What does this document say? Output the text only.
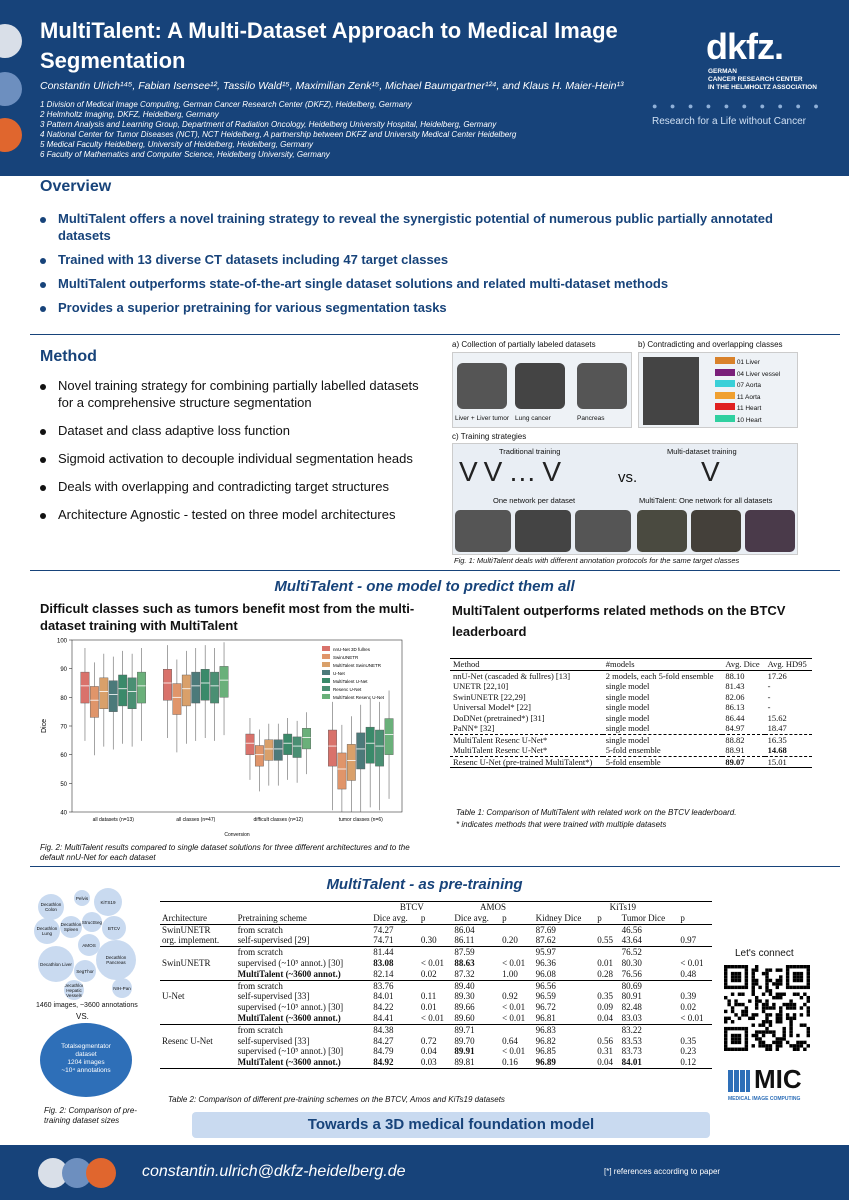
MultiTalent: A Multi-Dataset Approach to Medical Image Segmentation
Constantin Ulrich¹⁴⁵, Fabian Isensee¹², Tassilo Wald¹⁵, Maximilian Zenk¹⁵, Michael Baumgartner¹²⁴, and Klaus H. Maier-Hein¹³
1 Division of Medical Image Computing, German Cancer Research Center (DKFZ), Heidelberg, Germany
2 Helmholtz Imaging, DKFZ, Heidelberg, Germany
3 Pattern Analysis and Learning Group, Department of Radiation Oncology, Heidelberg University Hospital, Heidelberg, Germany
4 National Center for Tumor Diseases (NCT), NCT Heidelberg, A partnership between DKFZ and University Medical Center Heidelberg
5 Medical Faculty Heidelberg, University of Heidelberg, Heidelberg, Germany
6 Faculty of Mathematics and Computer Science, Heidelberg University, Germany
dkfz.
GERMAN
CANCER RESEARCH CENTER
IN THE HELMHOLTZ ASSOCIATION
● ● ● ● ● ● ● ● ● ●
Research for a Life without Cancer
Overview
MultiTalent offers a novel training strategy to reveal the synergistic potential of numerous public partially annotated datasets
Trained with 13 diverse CT datasets including 47 target classes
MultiTalent outperforms state-of-the-art single dataset solutions and related multi-dataset methods
Provides a superior pretraining for various segmentation tasks
Method
Novel training strategy for combining partially labelled datasets for a comprehensive structure segmentation
Dataset and class adaptive loss function
Sigmoid activation to decouple individual segmentation heads
Deals with overlapping and contradicting target structures
Architecture Agnostic - tested on three model architectures
a) Collection of partially labeled datasets	b) Contradicting and overlapping classes
Liver + Liver tumor Lung cancer	Pancreas
01 Liver
04 Liver vessel
07 Aorta
11 Aorta
11 Heart
10 Heart
c) Training strategies
Traditional training	Multi-dataset training
VV…V	vs. V
One network per dataset	MultiTalent: One network for all datasets
Fig. 1: MultiTalent deals with different annotation protocols for the same target classes
MultiTalent - one model to predict them all
Difficult classes such as tumors benefit most from the multi-dataset training with MultiTalent
MultiTalent outperforms related methods on the BTCV leaderboard
40
50
60
70
80
90
100
Dice
Conversion
all datasets (n=13)	all classes (n=47)	difficult classes (n=12)	tumor classes (n=6)
nnU-Net 3D fullres
SwinUNETR
MultiTalent SwinUNETR
U-Net
MultiTalent U-Net
Resenc U-Net
MultiTalent Resenc U-Net
Fig. 2: MultiTalent results compared to single dataset solutions for three different architectures and to the default nnU-Net for each dataset
Method	#models	Avg. Dice	Avg. HD95
nnU-Net (cascaded & fullres) [13]	2 models, each 5-fold ensemble	88.10	17.26
UNETR [22,10]	single model	81.43	-
SwinUNETR [22,29]	single model	82.06	-
Universal Model* [22]	single model	86.13	-
DoDNet (pretrained*) [31]	single model	86.44	15.62
PaNN* [32]	single model	84.97	18.47
MultiTalent Resenc U-Net*	single model	88.82	16.35
MultiTalent Resenc U-Net*	5-fold ensemble	88.91	14.68
Resenc U-Net (pre-trained MultiTalent*)	5-fold ensemble	89.07	15.01
Table 1: Comparison of MultiTalent with related work on the BTCV leaderboard.
* indicates methods that were trained with multiple datasets
MultiTalent - as pre-training
Decathlon Colon
Pelvis
KiTS19
Decathlon Lung
Decathlon Spleen
StructSeg
BTCV
AMOS
Decathlon Liver
SegThor
Decathlon Pancreas
Decathlon Hepatic Vessels
NIH-Pan
1460 images, ~3600 annotations
VS.
Totalsegmentator
dataset
1204 images
~10⁴ annotations
Fig. 2: Comparison of pre-training dataset sizes
		BTCV		AMOS		KiTs19			
Architecture	Pretraining scheme	Dice avg.	p	Dice avg.	p	Kidney Dice	p	Tumor Dice	p
SwinUNETR	from scratch	74.27		86.04		87.69		46.56	
org. implement.	self-supervised [29]	74.71	0.30	86.11	0.20	87.62	0.55	43.64	0.97
	from scratch	81.44		87.59		95.97		76.52	
SwinUNETR	supervised (~10⁵ annot.) [30]	83.08	< 0.01	88.63	< 0.01	96.36	0.01	80.30	< 0.01
	MultiTalent (~3600 annot.)	82.14	0.02	87.32	1.00	96.08	0.28	76.56	0.48
	from scratch	83.76		89.40		96.56		80.69	
U-Net	self-supervised [33]	84.01	0.11	89.30	0.92	96.59	0.35	80.91	0.39
	supervised (~10⁵ annot.) [30]	84.22	0.01	89.66	< 0.01	96.72	0.09	82.48	0.02
	MultiTalent (~3600 annot.)	84.41	< 0.01	89.60	< 0.01	96.81	0.04	83.03	< 0.01
	from scratch	84.38		89.71		96.83		83.22	
Resenc U-Net	self-supervised [33]	84.27	0.72	89.70	0.64	96.82	0.56	83.53	0.35
	supervised (~10⁵ annot.) [30]	84.79	0.04	89.91	< 0.01	96.85	0.31	83.73	0.23
	MultiTalent (~3600 annot.)	84.92	0.03	89.81	0.16	96.89	0.04	84.01	0.12
Table 2: Comparison of different pre-training schemes on the BTCV, Amos and KiTs19 datasets
Towards a 3D medical foundation model
Let's connect
MIC
MEDICAL IMAGE COMPUTING
constantin.ulrich@dkfz-heidelberg.de	[*] references according to paper
